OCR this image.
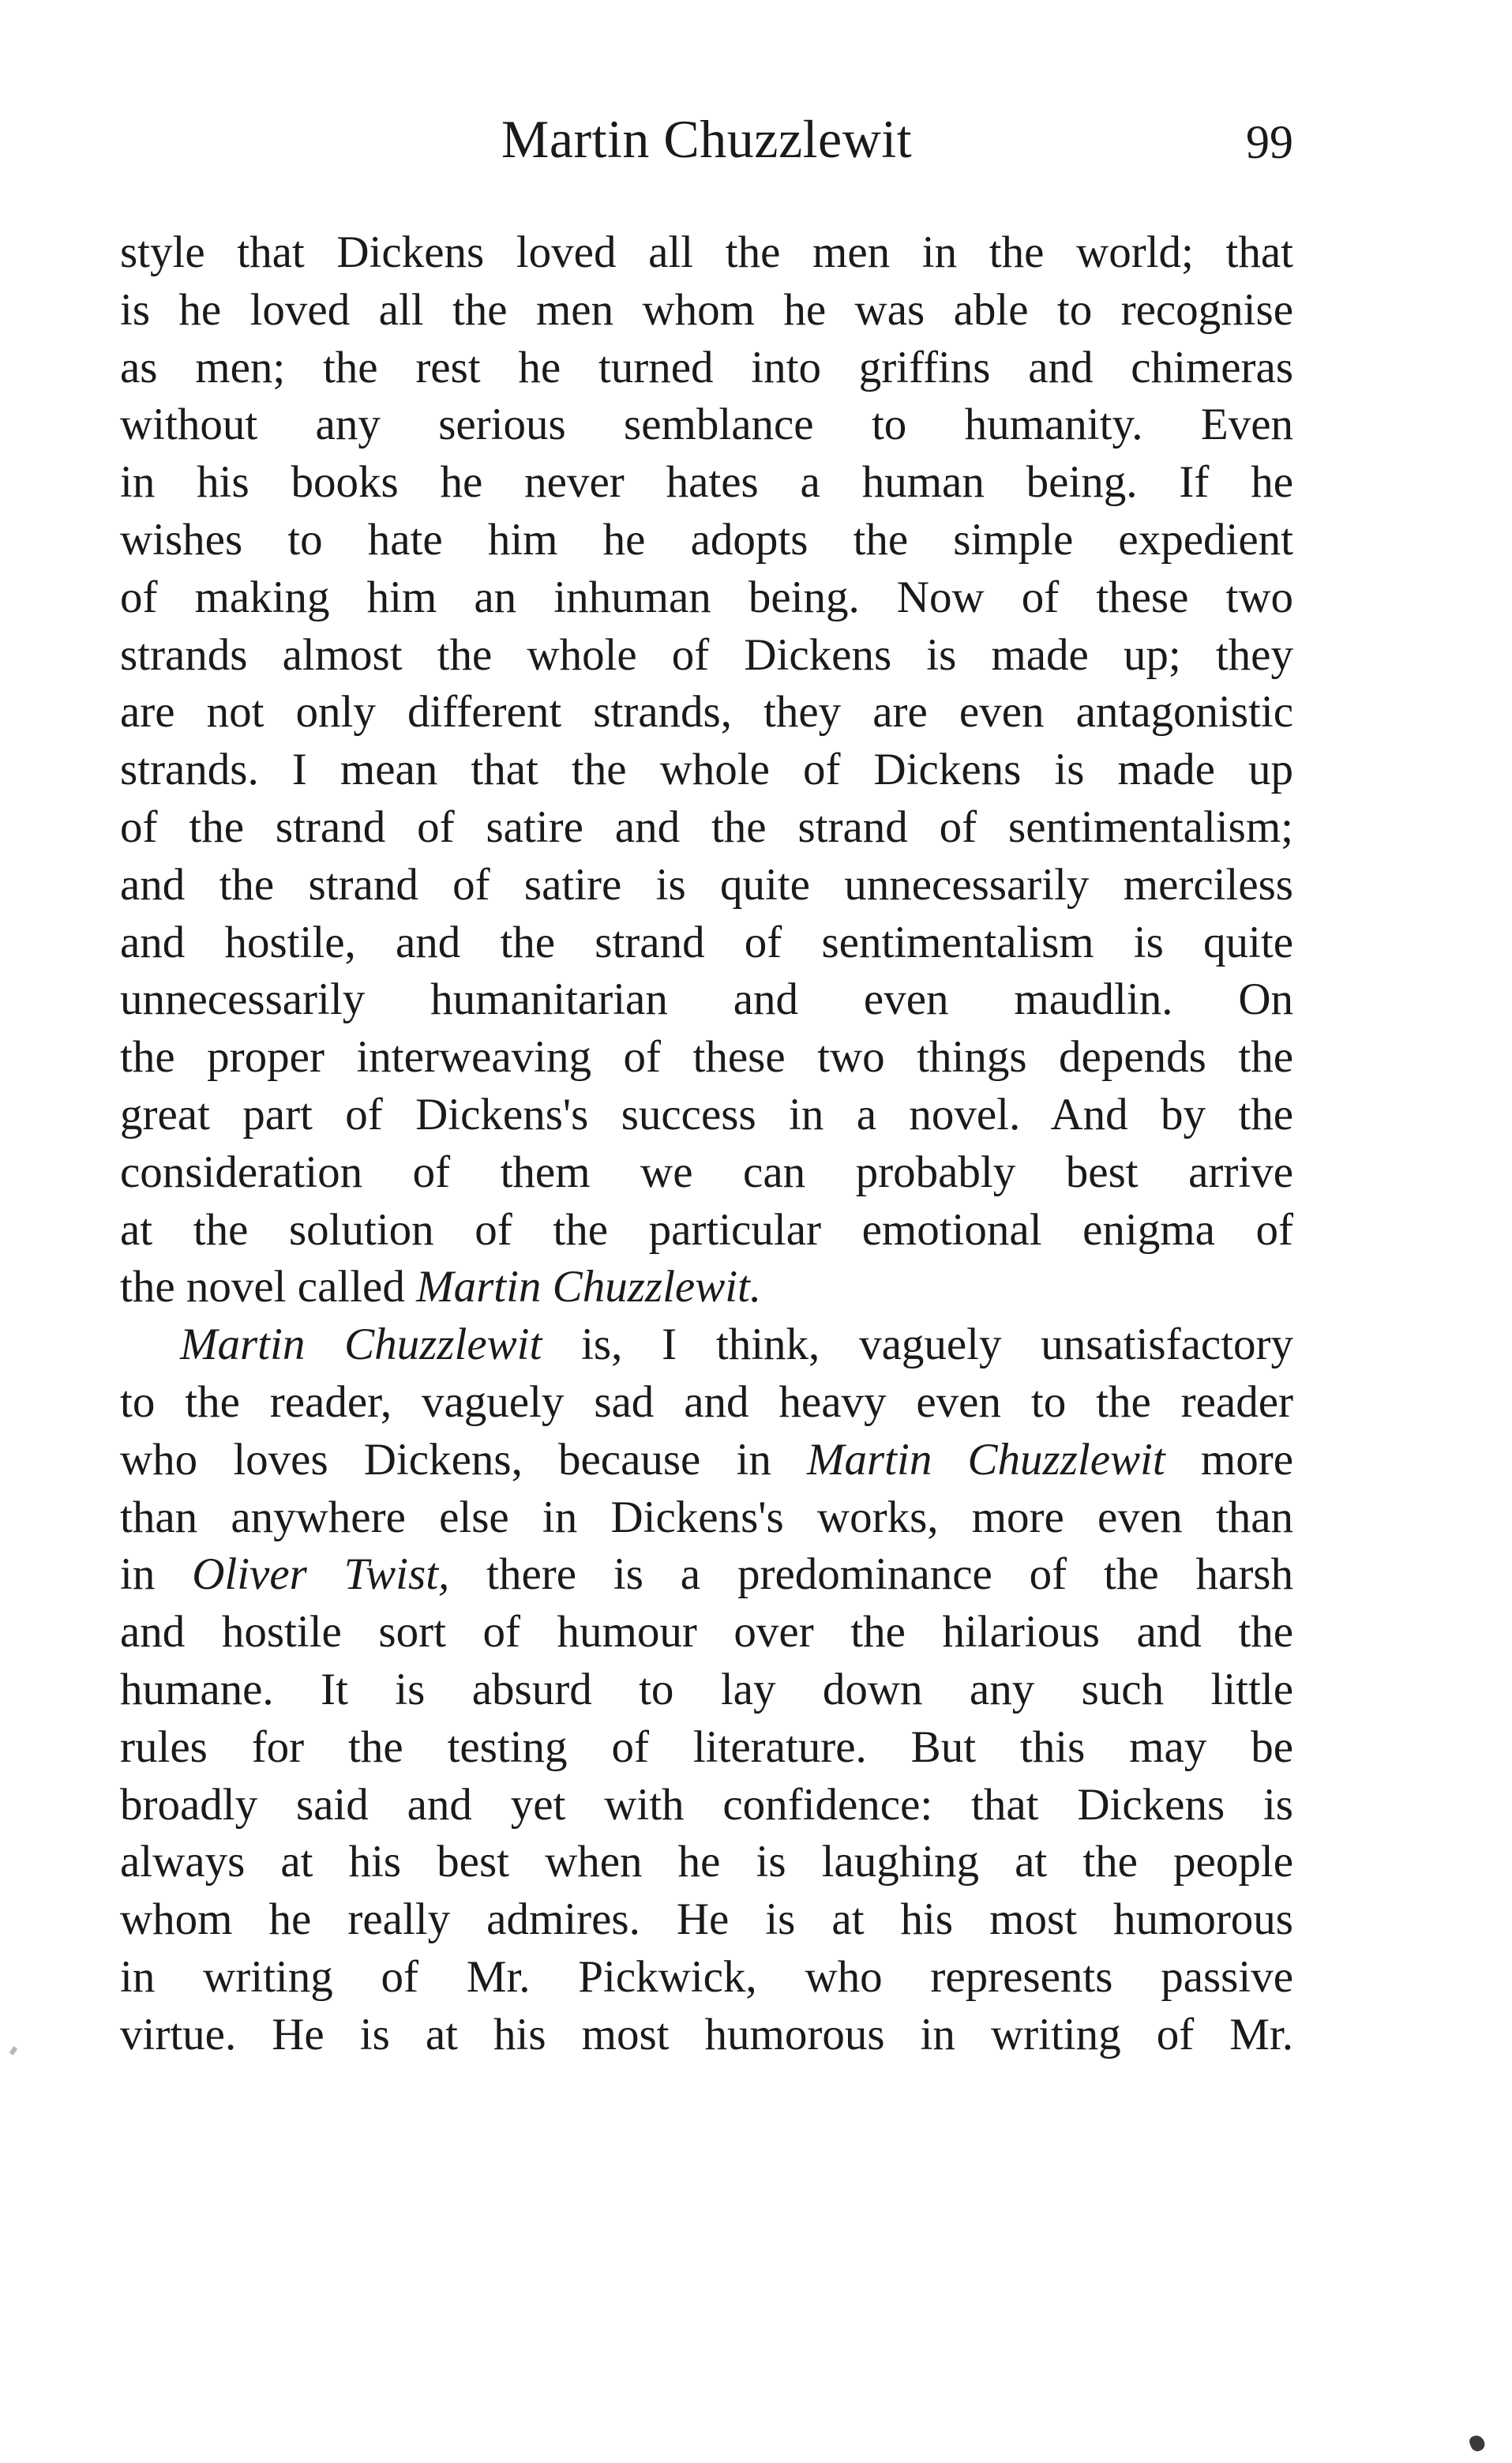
Martin Chuzzlewit	99
style that Dickens loved all the men in the world; that
is he loved all the men whom he was able to recognise
as men; the rest he turned into griffins and chimeras
without any serious semblance to humanity. Even
in his books he never hates a human being. If he
wishes to hate him he adopts the simple expedient
of making him an inhuman being. Now of these two
strands almost the whole of Dickens is made up; they
are not only different strands, they are even antagonistic
strands. I mean that the whole of Dickens is made up
of the strand of satire and the strand of sentimentalism;
and the strand of satire is quite unnecessarily merciless
and hostile, and the strand of sentimentalism is quite
unnecessarily humanitarian and even maudlin. On
the proper interweaving of these two things depends the
great part of Dickens's success in a novel. And by the
consideration of them we can probably best arrive
at the solution of the particular emotional enigma of
the novel called Martin Chuzzlewit.
Martin Chuzzlewit is, I think, vaguely unsatisfactory
to the reader, vaguely sad and heavy even to the reader
who loves Dickens, because in Martin Chuzzlewit more
than anywhere else in Dickens's works, more even than
in Oliver Twist, there is a predominance of the harsh
and hostile sort of humour over the hilarious and the
humane. It is absurd to lay down any such little
rules for the testing of literature. But this may be
broadly said and yet with confidence: that Dickens is
always at his best when he is laughing at the people
whom he really admires. He is at his most humorous
in writing of Mr. Pickwick, who represents passive
virtue. He is at his most humorous in writing of Mr.
